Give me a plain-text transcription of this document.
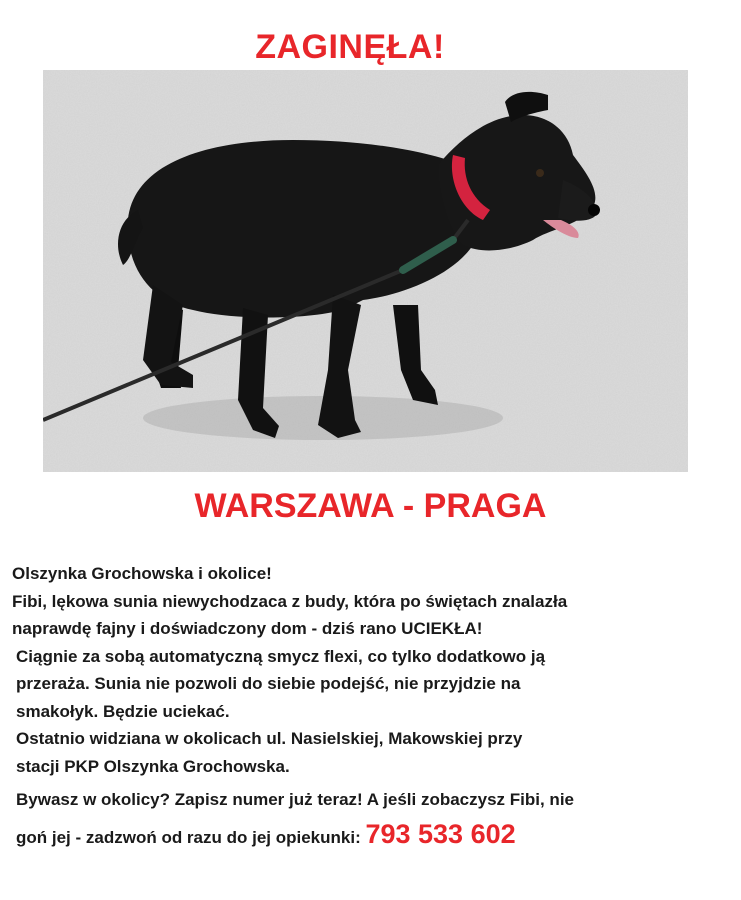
ZAGINĘŁA!
WARSZAWA - PRAGA

Olszynka Grochowska i okolice!

Fibi, lękowa sunia niewychodzaca z budy, która po świętach znalazła

naprawdę fajny i doświadczony dom - dziś rano UCIEKŁA!

Ciągnie za sobą automatyczną smycz flexi, co tylko dodatkowo ją

przeraża. Sunia nie pozwoli do siebie podejść, nie przyjdzie na

smakołyk. Będzie uciekać.

Ostatnio widziana w okolicach ul. Nasielskiej, Makowskiej przy

stacji PKP Olszynka Grochowska.

Bywasz w okolicy? Zapisz numer już teraz! A jeśli zobaczysz Fibi, nie

goń jej - zadzwoń od razu do jej opiekunki: 793 533 602
